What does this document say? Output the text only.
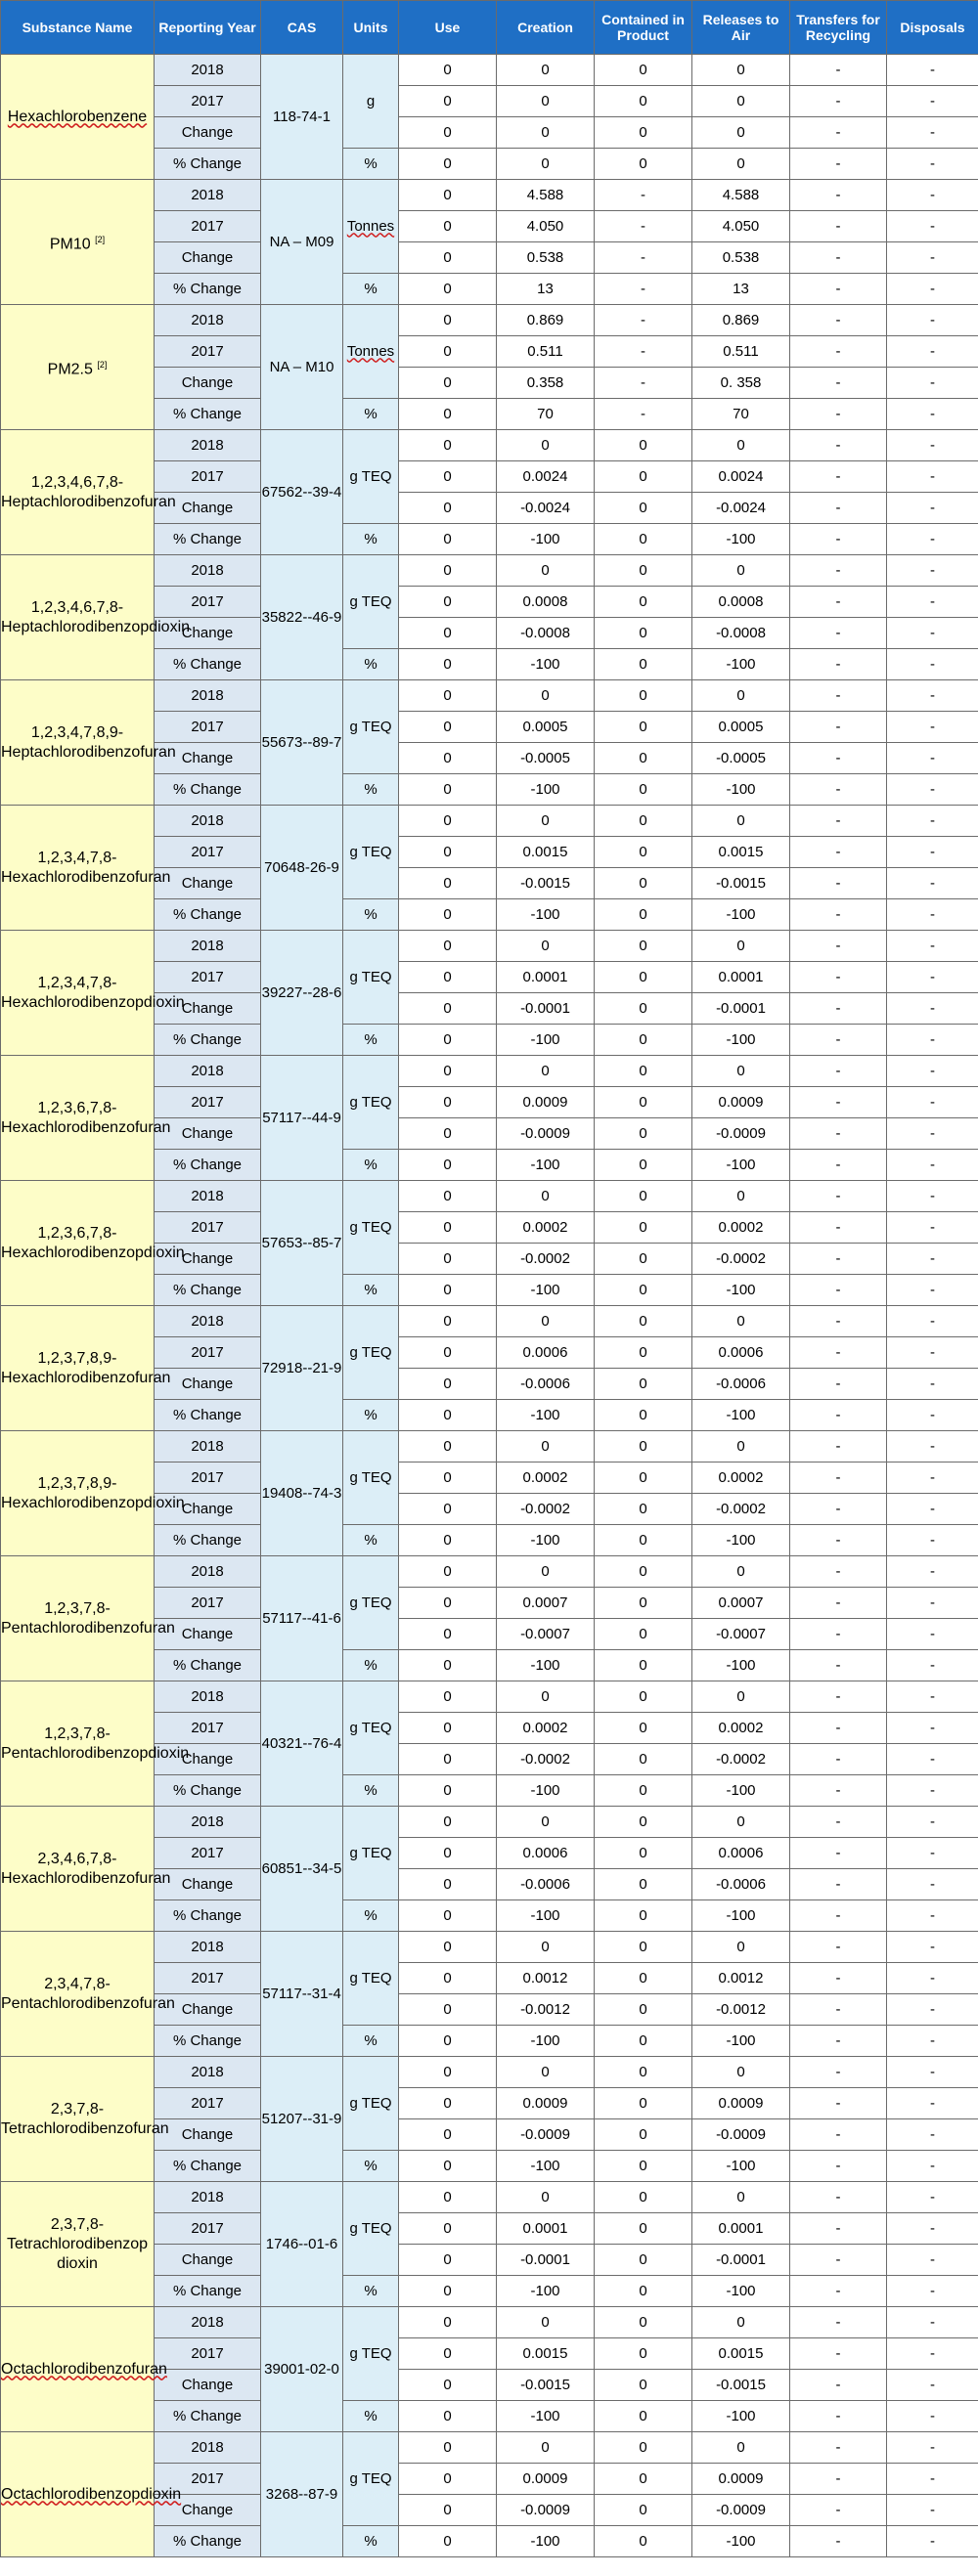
Substance Name	Reporting Year	CAS	Units	Use	Creation	Contained in Product	Releases to Air	Transfers for Recycling	Disposals
Hexachlorobenzene	2018	118-74-1	g	0	0	0	0	-	-
	2017			0	0	0	0	-	-
	Change			0	0	0	0	-	-
	% Change		%	0	0	0	0	-	-
PM10 [2]	2018	NA – M09	Tonnes	0	4.588	-	4.588	-	-
	2017			0	4.050	-	4.050	-	-
	Change			0	0.538	-	0.538	-	-
	% Change		%	0	13	-	13	-	-
PM2.5 [2]	2018	NA – M10	Tonnes	0	0.869	-	0.869	-	-
	2017			0	0.511	-	0.511	-	-
	Change			0	0.358	-	0. 358	-	-
	% Change		%	0	70	-	70	-	-
1,2,3,4,6,7,8-Heptachlorodibenzofuran	2018	67562--39-4	g TEQ	0	0	0	0	-	-
	2017			0	0.0024	0	0.0024	-	-
	Change			0	-0.0024	0	-0.0024	-	-
	% Change		%	0	-100	0	-100	-	-
1,2,3,4,6,7,8-Heptachlorodibenzopdioxin	2018	35822--46-9	g TEQ	0	0	0	0	-	-
	2017			0	0.0008	0	0.0008	-	-
	Change			0	-0.0008	0	-0.0008	-	-
	% Change		%	0	-100	0	-100	-	-
1,2,3,4,7,8,9-Heptachlorodibenzofuran	2018	55673--89-7	g TEQ	0	0	0	0	-	-
	2017			0	0.0005	0	0.0005	-	-
	Change			0	-0.0005	0	-0.0005	-	-
	% Change		%	0	-100	0	-100	-	-
1,2,3,4,7,8-Hexachlorodibenzofuran	2018	70648-26-9	g TEQ	0	0	0	0	-	-
	2017			0	0.0015	0	0.0015	-	-
	Change			0	-0.0015	0	-0.0015	-	-
	% Change		%	0	-100	0	-100	-	-
1,2,3,4,7,8-Hexachlorodibenzopdioxin	2018	39227--28-6	g TEQ	0	0	0	0	-	-
	2017			0	0.0001	0	0.0001	-	-
	Change			0	-0.0001	0	-0.0001	-	-
	% Change		%	0	-100	0	-100	-	-
1,2,3,6,7,8-Hexachlorodibenzofuran	2018	57117--44-9	g TEQ	0	0	0	0	-	-
	2017			0	0.0009	0	0.0009	-	-
	Change			0	-0.0009	0	-0.0009	-	-
	% Change		%	0	-100	0	-100	-	-
1,2,3,6,7,8-Hexachlorodibenzopdioxin	2018	57653--85-7	g TEQ	0	0	0	0	-	-
	2017			0	0.0002	0	0.0002	-	-
	Change			0	-0.0002	0	-0.0002	-	-
	% Change		%	0	-100	0	-100	-	-
1,2,3,7,8,9-Hexachlorodibenzofuran	2018	72918--21-9	g TEQ	0	0	0	0	-	-
	2017			0	0.0006	0	0.0006	-	-
	Change			0	-0.0006	0	-0.0006	-	-
	% Change		%	0	-100	0	-100	-	-
1,2,3,7,8,9-Hexachlorodibenzopdioxin	2018	19408--74-3	g TEQ	0	0	0	0	-	-
	2017			0	0.0002	0	0.0002	-	-
	Change			0	-0.0002	0	-0.0002	-	-
	% Change		%	0	-100	0	-100	-	-
1,2,3,7,8-Pentachlorodibenzofuran	2018	57117--41-6	g TEQ	0	0	0	0	-	-
	2017			0	0.0007	0	0.0007	-	-
	Change			0	-0.0007	0	-0.0007	-	-
	% Change		%	0	-100	0	-100	-	-
1,2,3,7,8-Pentachlorodibenzopdioxin	2018	40321--76-4	g TEQ	0	0	0	0	-	-
	2017			0	0.0002	0	0.0002	-	-
	Change			0	-0.0002	0	-0.0002	-	-
	% Change		%	0	-100	0	-100	-	-
2,3,4,6,7,8-Hexachlorodibenzofuran	2018	60851--34-5	g TEQ	0	0	0	0	-	-
	2017			0	0.0006	0	0.0006	-	-
	Change			0	-0.0006	0	-0.0006	-	-
	% Change		%	0	-100	0	-100	-	-
2,3,4,7,8-Pentachlorodibenzofuran	2018	57117--31-4	g TEQ	0	0	0	0	-	-
	2017			0	0.0012	0	0.0012	-	-
	Change			0	-0.0012	0	-0.0012	-	-
	% Change		%	0	-100	0	-100	-	-
2,3,7,8-Tetrachlorodibenzofuran	2018	51207--31-9	g TEQ	0	0	0	0	-	-
	2017			0	0.0009	0	0.0009	-	-
	Change			0	-0.0009	0	-0.0009	-	-
	% Change		%	0	-100	0	-100	-	-
2,3,7,8-Tetrachlorodibenzop dioxin	2018	1746--01-6	g TEQ	0	0	0	0	-	-
	2017			0	0.0001	0	0.0001	-	-
	Change			0	-0.0001	0	-0.0001	-	-
	% Change		%	0	-100	0	-100	-	-
Octachlorodibenzofuran	2018	39001-02-0	g TEQ	0	0	0	0	-	-
	2017			0	0.0015	0	0.0015	-	-
	Change			0	-0.0015	0	-0.0015	-	-
	% Change		%	0	-100	0	-100	-	-
Octachlorodibenzopdioxin	2018	3268--87-9	g TEQ	0	0	0	0	-	-
	2017			0	0.0009	0	0.0009	-	-
	Change			0	-0.0009	0	-0.0009	-	-
	% Change		%	0	-100	0	-100	-	-
